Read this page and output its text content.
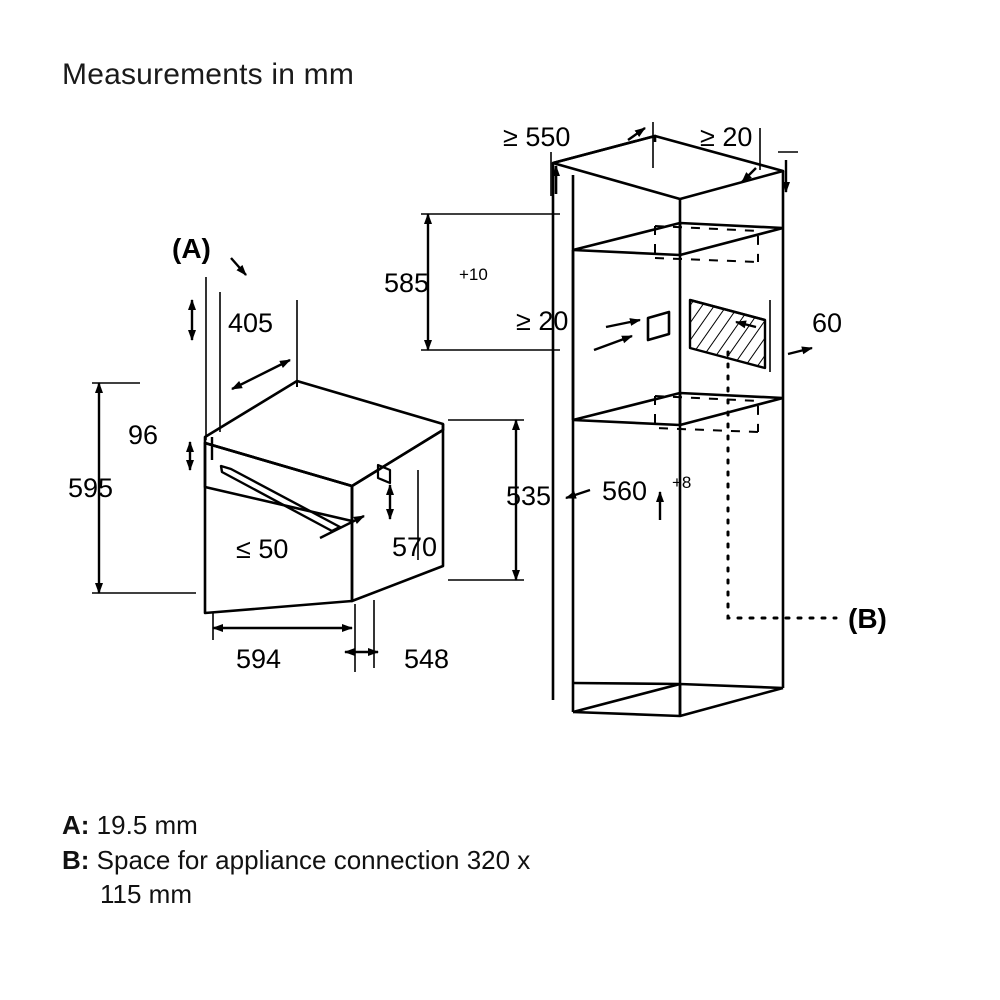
Measurements in mm
(A)
405
96
595
≤ 50	570
535
594	548
≥ 550	≥ 20
585 +10
≥ 20	60
560 +8
(B)
A: 19.5 mm
B: Space for appliance connection 320 x
115 mm
